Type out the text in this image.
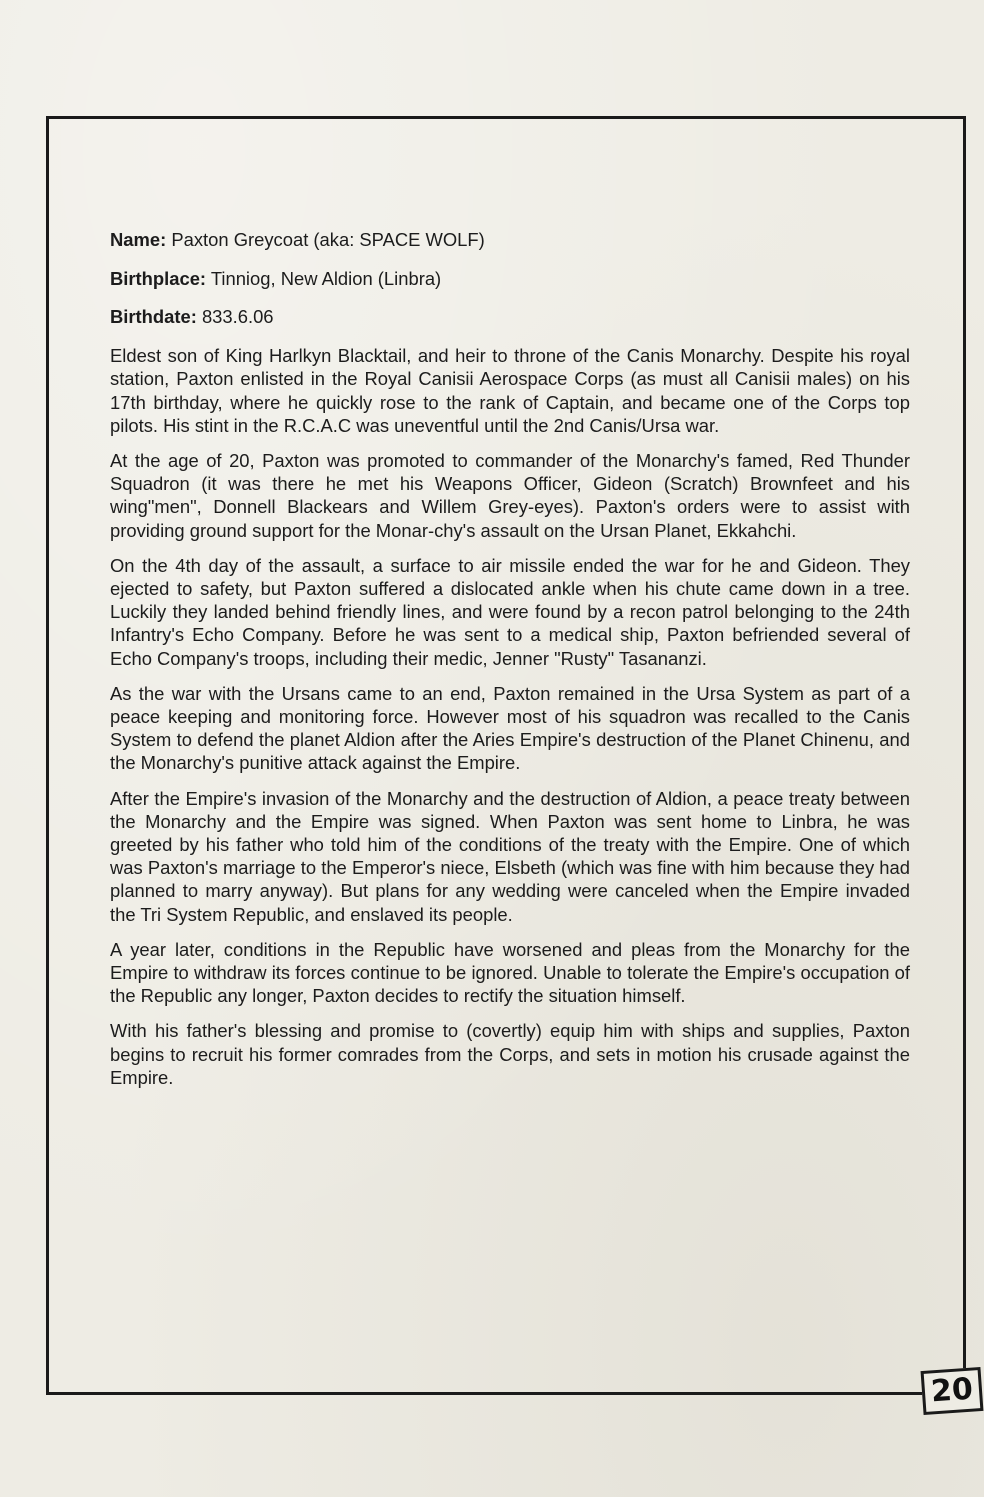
Name: Paxton Greycoat (aka: SPACE WOLF)
Birthplace: Tinniog, New Aldion (Linbra)
Birthdate: 833.6.06

Eldest son of King Harlkyn Blacktail, and heir to throne of the Canis Monarchy. Despite his royal station, Paxton enlisted in the Royal Canisii Aerospace Corps (as must all Canisii males) on his 17th birthday, where he quickly rose to the rank of Captain, and became one of the Corps top pilots. His stint in the R.C.A.C was uneventful until the 2nd Canis/Ursa war.

At the age of 20, Paxton was promoted to commander of the Monarchy's famed, Red Thunder Squadron (it was there he met his Weapons Officer, Gideon (Scratch) Brownfeet and his wing"men", Donnell Blackears and Willem Grey-eyes). Paxton's orders were to assist with providing ground support for the Monar-chy's assault on the Ursan Planet, Ekkahchi.

On the 4th day of the assault, a surface to air missile ended the war for he and Gideon. They ejected to safety, but Paxton suffered a dislocated ankle when his chute came down in a tree. Luckily they landed behind friendly lines, and were found by a recon patrol belonging to the 24th Infantry's Echo Company. Before he was sent to a medical ship, Paxton befriended several of Echo Company's troops, including their medic, Jenner "Rusty" Tasananzi.

As the war with the Ursans came to an end, Paxton remained in the Ursa System as part of a peace keeping and monitoring force. However most of his squadron was recalled to the Canis System to defend the planet Aldion after the Aries Empire's destruction of the Planet Chinenu, and the Monarchy's punitive attack against the Empire.

After the Empire's invasion of the Monarchy and the destruction of Aldion, a peace treaty between the Monarchy and the Empire was signed. When Paxton was sent home to Linbra, he was greeted by his father who told him of the conditions of the treaty with the Empire. One of which was Paxton's marriage to the Emperor's niece, Elsbeth (which was fine with him because they had planned to marry anyway). But plans for any wedding were canceled when the Empire invaded the Tri System Republic, and enslaved its people.

A year later, conditions in the Republic have worsened and pleas from the Monarchy for the Empire to withdraw its forces continue to be ignored. Unable to tolerate the Empire's occupation of the Republic any longer, Paxton decides to rectify the situation himself.

With his father's blessing and promise to (covertly) equip him with ships and supplies, Paxton begins to recruit his former comrades from the Corps, and sets in motion his crusade against the Empire.

20
